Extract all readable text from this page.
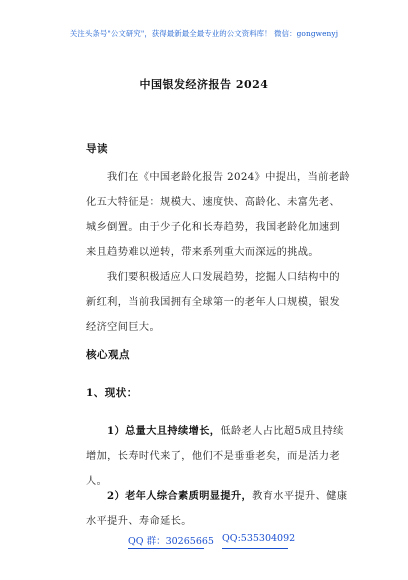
关注头条号"公文研究"，获得最新最全最专业的公文资料库！ 微信：gongwenyj
中国银发经济报告 2024
导读

我们在《中国老龄化报告 2024》中提出，当前老龄化五大特征是：规模大、速度快、高龄化、未富先老、城乡倒置。由于少子化和长寿趋势，我国老龄化加速到来且趋势难以逆转，带来系列重大而深远的挑战。

我们要积极适应人口发展趋势，挖掘人口结构中的新红利，当前我国拥有全球第一的老年人口规模，银发经济空间巨大。

核心观点
1、现状：

1）总量大且持续增长，低龄老人占比超5成且持续增加，长寿时代来了，他们不是垂垂老矣，而是活力老人。

2）老年人综合素质明显提升，教育水平提升、健康水平提升、寿命延长。

QQ 群：30265665 QQ:535304092
